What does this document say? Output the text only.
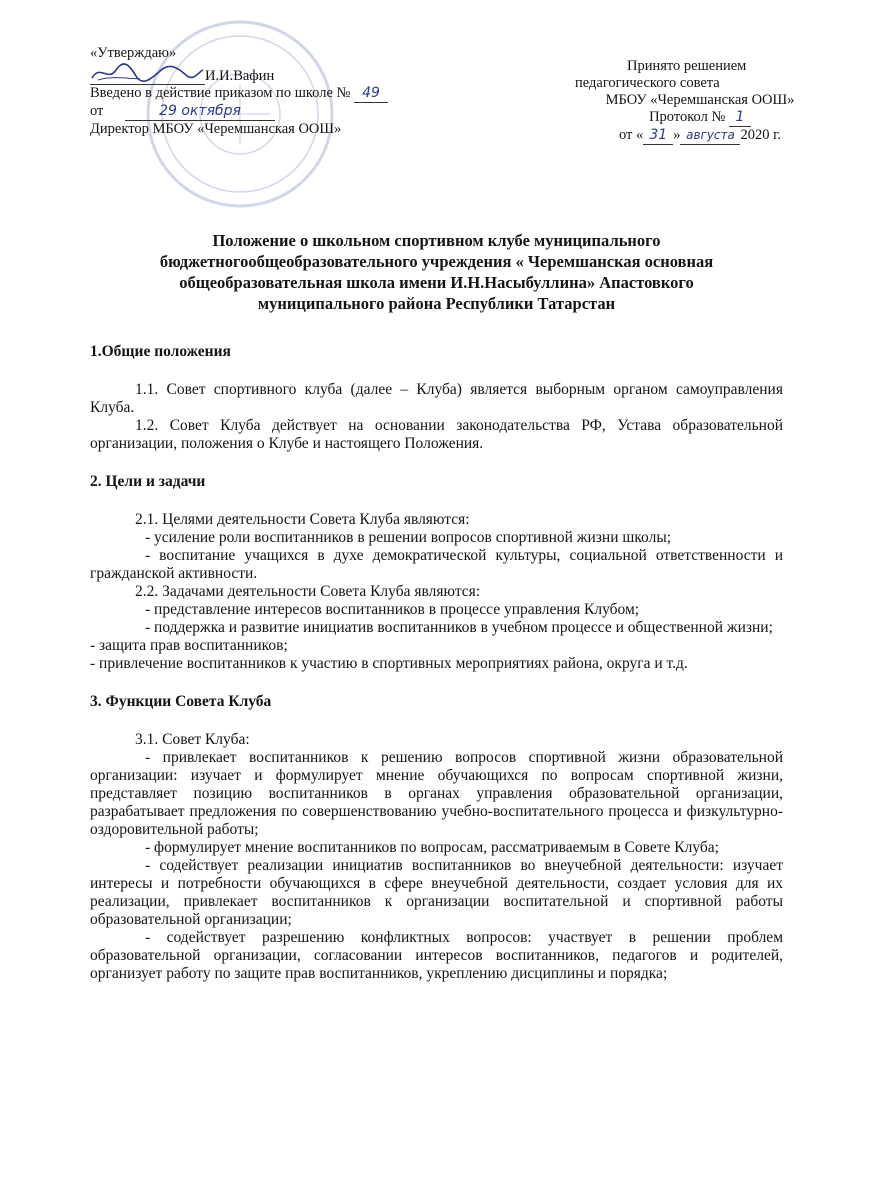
«Утверждаю»
И.И.Вафин
Введено в действие приказом по школе № 49
от	29 октября
Директор МБОУ «Черемшанская ООШ»
Принято решением
педагогического совета
МБОУ «Черемшанская ООШ»
Протокол № 1
от « 31 » августа 2020 г.
Положение о школьном спортивном клубе муниципального
бюджетногообщеобразовательного учреждения « Черемшанская основная
общеобразовательная школа имени И.Н.Насыбуллина» Апастовкого
муниципального района Республики Татарстан

1.Общие положения

1.1. Совет спортивного клуба (далее – Клуба) является выборным органом самоуправления Клуба.

1.2. Совет Клуба действует на основании законодательства РФ, Устава образовательной организации, положения о Клубе и настоящего Положения.

2. Цели и задачи

2.1. Целями деятельности Совета Клуба являются:

- усиление роли воспитанников в решении вопросов спортивной жизни школы;

- воспитание учащихся в духе демократической культуры, социальной ответственности и гражданской активности.

2.2. Задачами деятельности Совета Клуба являются:

- представление интересов воспитанников в процессе управления Клубом;

- поддержка и развитие инициатив воспитанников в учебном процессе и общественной жизни;

- защита прав воспитанников;

- привлечение воспитанников к участию в спортивных мероприятиях района, округа и т.д.

3. Функции Совета Клуба

3.1. Совет Клуба:

- привлекает воспитанников к решению вопросов спортивной жизни образовательной организации: изучает и формулирует мнение обучающихся по вопросам спортивной жизни, представляет позицию воспитанников в органах управления образовательной организации, разрабатывает предложения по совершенствованию учебно-воспитательного процесса и физкультурно-оздоровительной работы;

- формулирует мнение воспитанников по вопросам, рассматриваемым в Совете Клуба;

- содействует реализации инициатив воспитанников во внеучебной деятельности: изучает интересы и потребности обучающихся в сфере внеучебной деятельности, создает условия для их реализации, привлекает воспитанников к организации воспитательной и спортивной работы образовательной организации;

- содействует разрешению конфликтных вопросов: участвует в решении проблем образовательной организации, согласовании интересов воспитанников, педагогов и родителей, организует работу по защите прав воспитанников, укреплению дисциплины и порядка;
